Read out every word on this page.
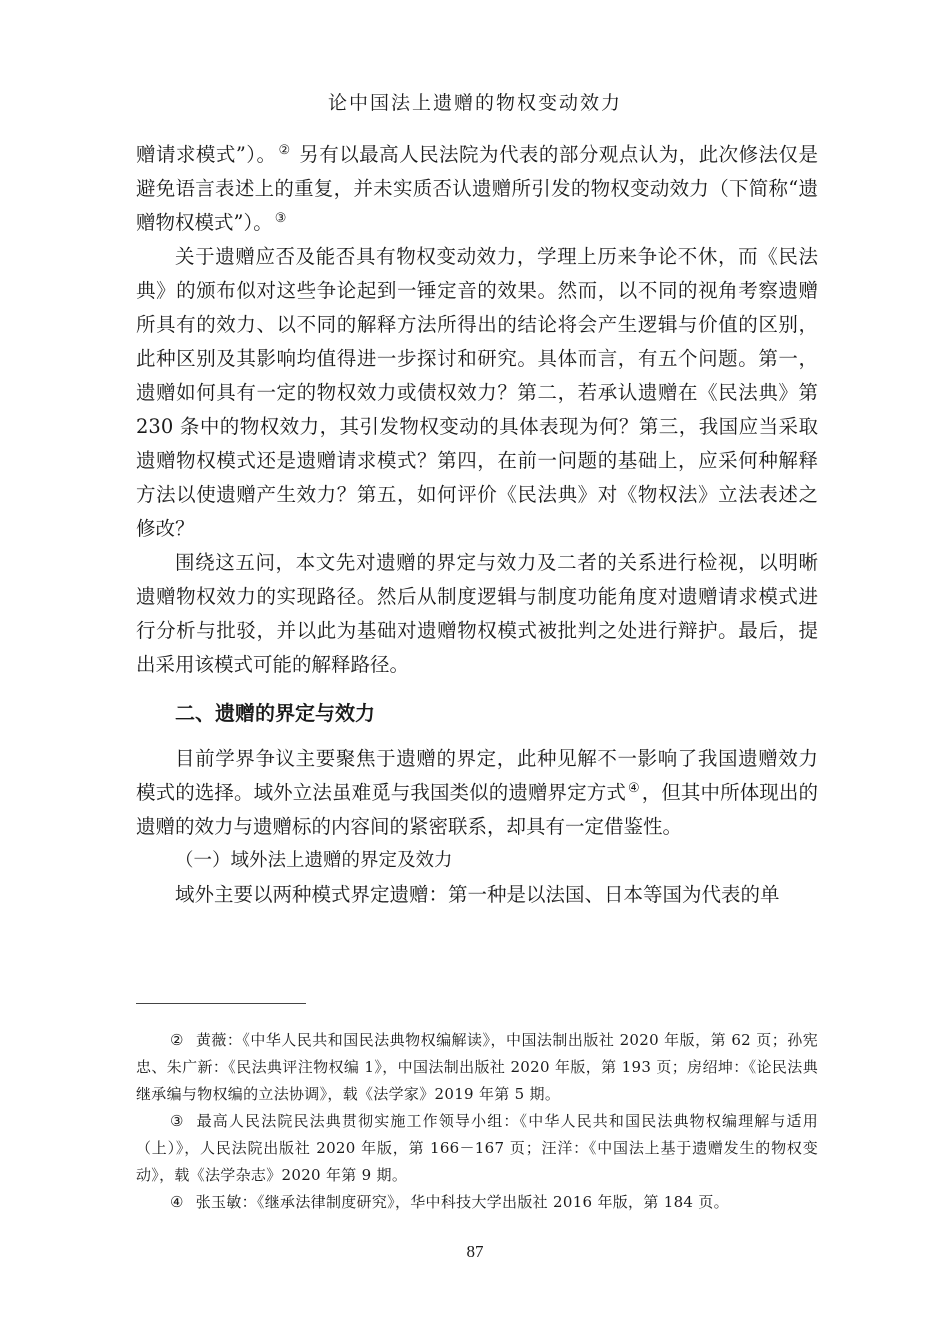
论中国法上遗赠的物权变动效力

赠请求模式”）。 ② 另有以最高人民法院为代表的部分观点认为，此次修法仅是避免语言表述上的重复，并未实质否认遗赠所引发的物权变动效力（下简称“遗赠物权模式”）。 ③

关于遗赠应否及能否具有物权变动效力，学理上历来争论不休，而《民法典》的颁布似对这些争论起到一锤定音的效果。然而，以不同的视角考察遗赠所具有的效力、以不同的解释方法所得出的结论将会产生逻辑与价值的区别，此种区别及其影响均值得进一步探讨和研究。具体而言，有五个问题。第一，遗赠如何具有一定的物权效力或债权效力？第二，若承认遗赠在《民法典》第 230 条中的物权效力，其引发物权变动的具体表现为何？第三，我国应当采取遗赠物权模式还是遗赠请求模式？第四，在前一问题的基础上，应采何种解释方法以使遗赠产生效力？第五，如何评价《民法典》对《物权法》立法表述之修改？

围绕这五问，本文先对遗赠的界定与效力及二者的关系进行检视，以明晰遗赠物权效力的实现路径。然后从制度逻辑与制度功能角度对遗赠请求模式进行分析与批驳，并以此为基础对遗赠物权模式被批判之处进行辩护。最后，提出采用该模式可能的解释路径。

二、遗赠的界定与效力

目前学界争议主要聚焦于遗赠的界定，此种见解不一影响了我国遗赠效力模式的选择。域外立法虽难觅与我国类似的遗赠界定方式 ④ ，但其中所体现出的遗赠的效力与遗赠标的内容间的紧密联系，却具有一定借鉴性。

（一）域外法上遗赠的界定及效力

域外主要以两种模式界定遗赠：第一种是以法国、日本等国为代表的单

② 黄薇：《中华人民共和国民法典物权编解读》，中国法制出版社 2020 年版，第 62 页；孙宪忠、朱广新：《民法典评注物权编 1》，中国法制出版社 2020 年版，第 193 页；房绍坤：《论民法典继承编与物权编的立法协调》，载《法学家》2019 年第 5 期。

③ 最高人民法院民法典贯彻实施工作领导小组：《中华人民共和国民法典物权编理解与适用（上）》，人民法院出版社 2020 年版，第 166－167 页；汪洋：《中国法上基于遗赠发生的物权变动》，载《法学杂志》2020 年第 9 期。

④ 张玉敏：《继承法律制度研究》，华中科技大学出版社 2016 年版，第 184 页。

87
